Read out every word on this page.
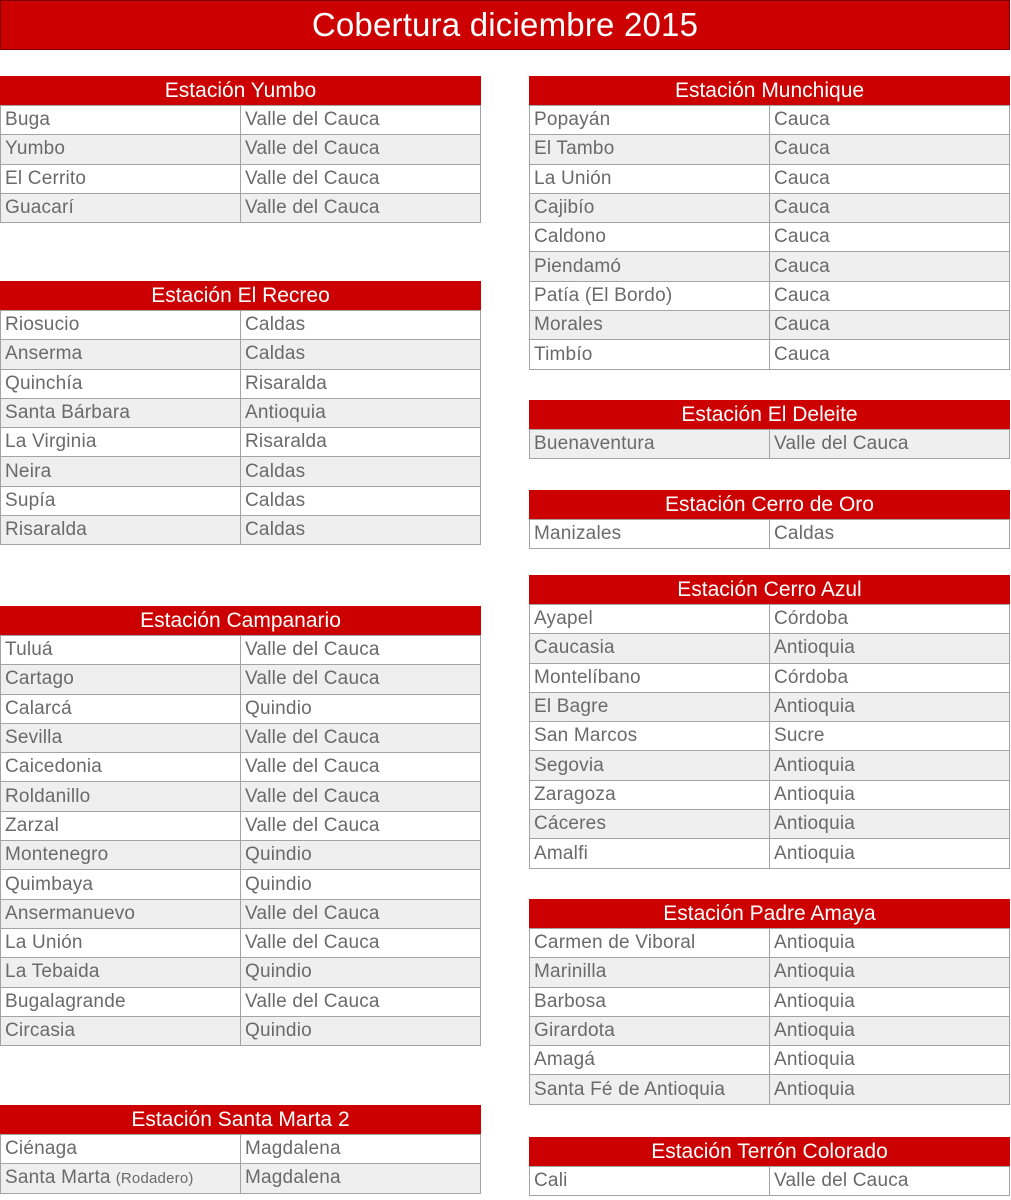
Cobertura diciembre 2015
Estación Yumbo
Buga	Valle del Cauca
Yumbo	Valle del Cauca
El Cerrito	Valle del Cauca
Guacarí	Valle del Cauca
Estación El Recreo
Riosucio	Caldas
Anserma	Caldas
Quinchía	Risaralda
Santa Bárbara	Antioquia
La Virginia	Risaralda
Neira	Caldas
Supía	Caldas
Risaralda	Caldas
Estación Campanario
Tuluá	Valle del Cauca
Cartago	Valle del Cauca
Calarcá	Quindio
Sevilla	Valle del Cauca
Caicedonia	Valle del Cauca
Roldanillo	Valle del Cauca
Zarzal	Valle del Cauca
Montenegro	Quindio
Quimbaya	Quindio
Ansermanuevo	Valle del Cauca
La Unión	Valle del Cauca
La Tebaida	Quindio
Bugalagrande	Valle del Cauca
Circasia	Quindio
Estación Santa Marta 2
Ciénaga	Magdalena
Santa Marta (Rodadero)	Magdalena
Estación Munchique
Popayán	Cauca
El Tambo	Cauca
La Unión	Cauca
Cajibío	Cauca
Caldono	Cauca
Piendamó	Cauca
Patía (El Bordo)	Cauca
Morales	Cauca
Timbío	Cauca
Estación El Deleite
Buenaventura	Valle del Cauca
Estación Cerro de Oro
Manizales	Caldas
Estación Cerro Azul
Ayapel	Córdoba
Caucasia	Antioquia
Montelíbano	Córdoba
El Bagre	Antioquia
San Marcos	Sucre
Segovia	Antioquia
Zaragoza	Antioquia
Cáceres	Antioquia
Amalfi	Antioquia
Estación Padre Amaya
Carmen de Viboral	Antioquia
Marinilla	Antioquia
Barbosa	Antioquia
Girardota	Antioquia
Amagá	Antioquia
Santa Fé de Antioquia	Antioquia
Estación Terrón Colorado
Cali	Valle del Cauca
